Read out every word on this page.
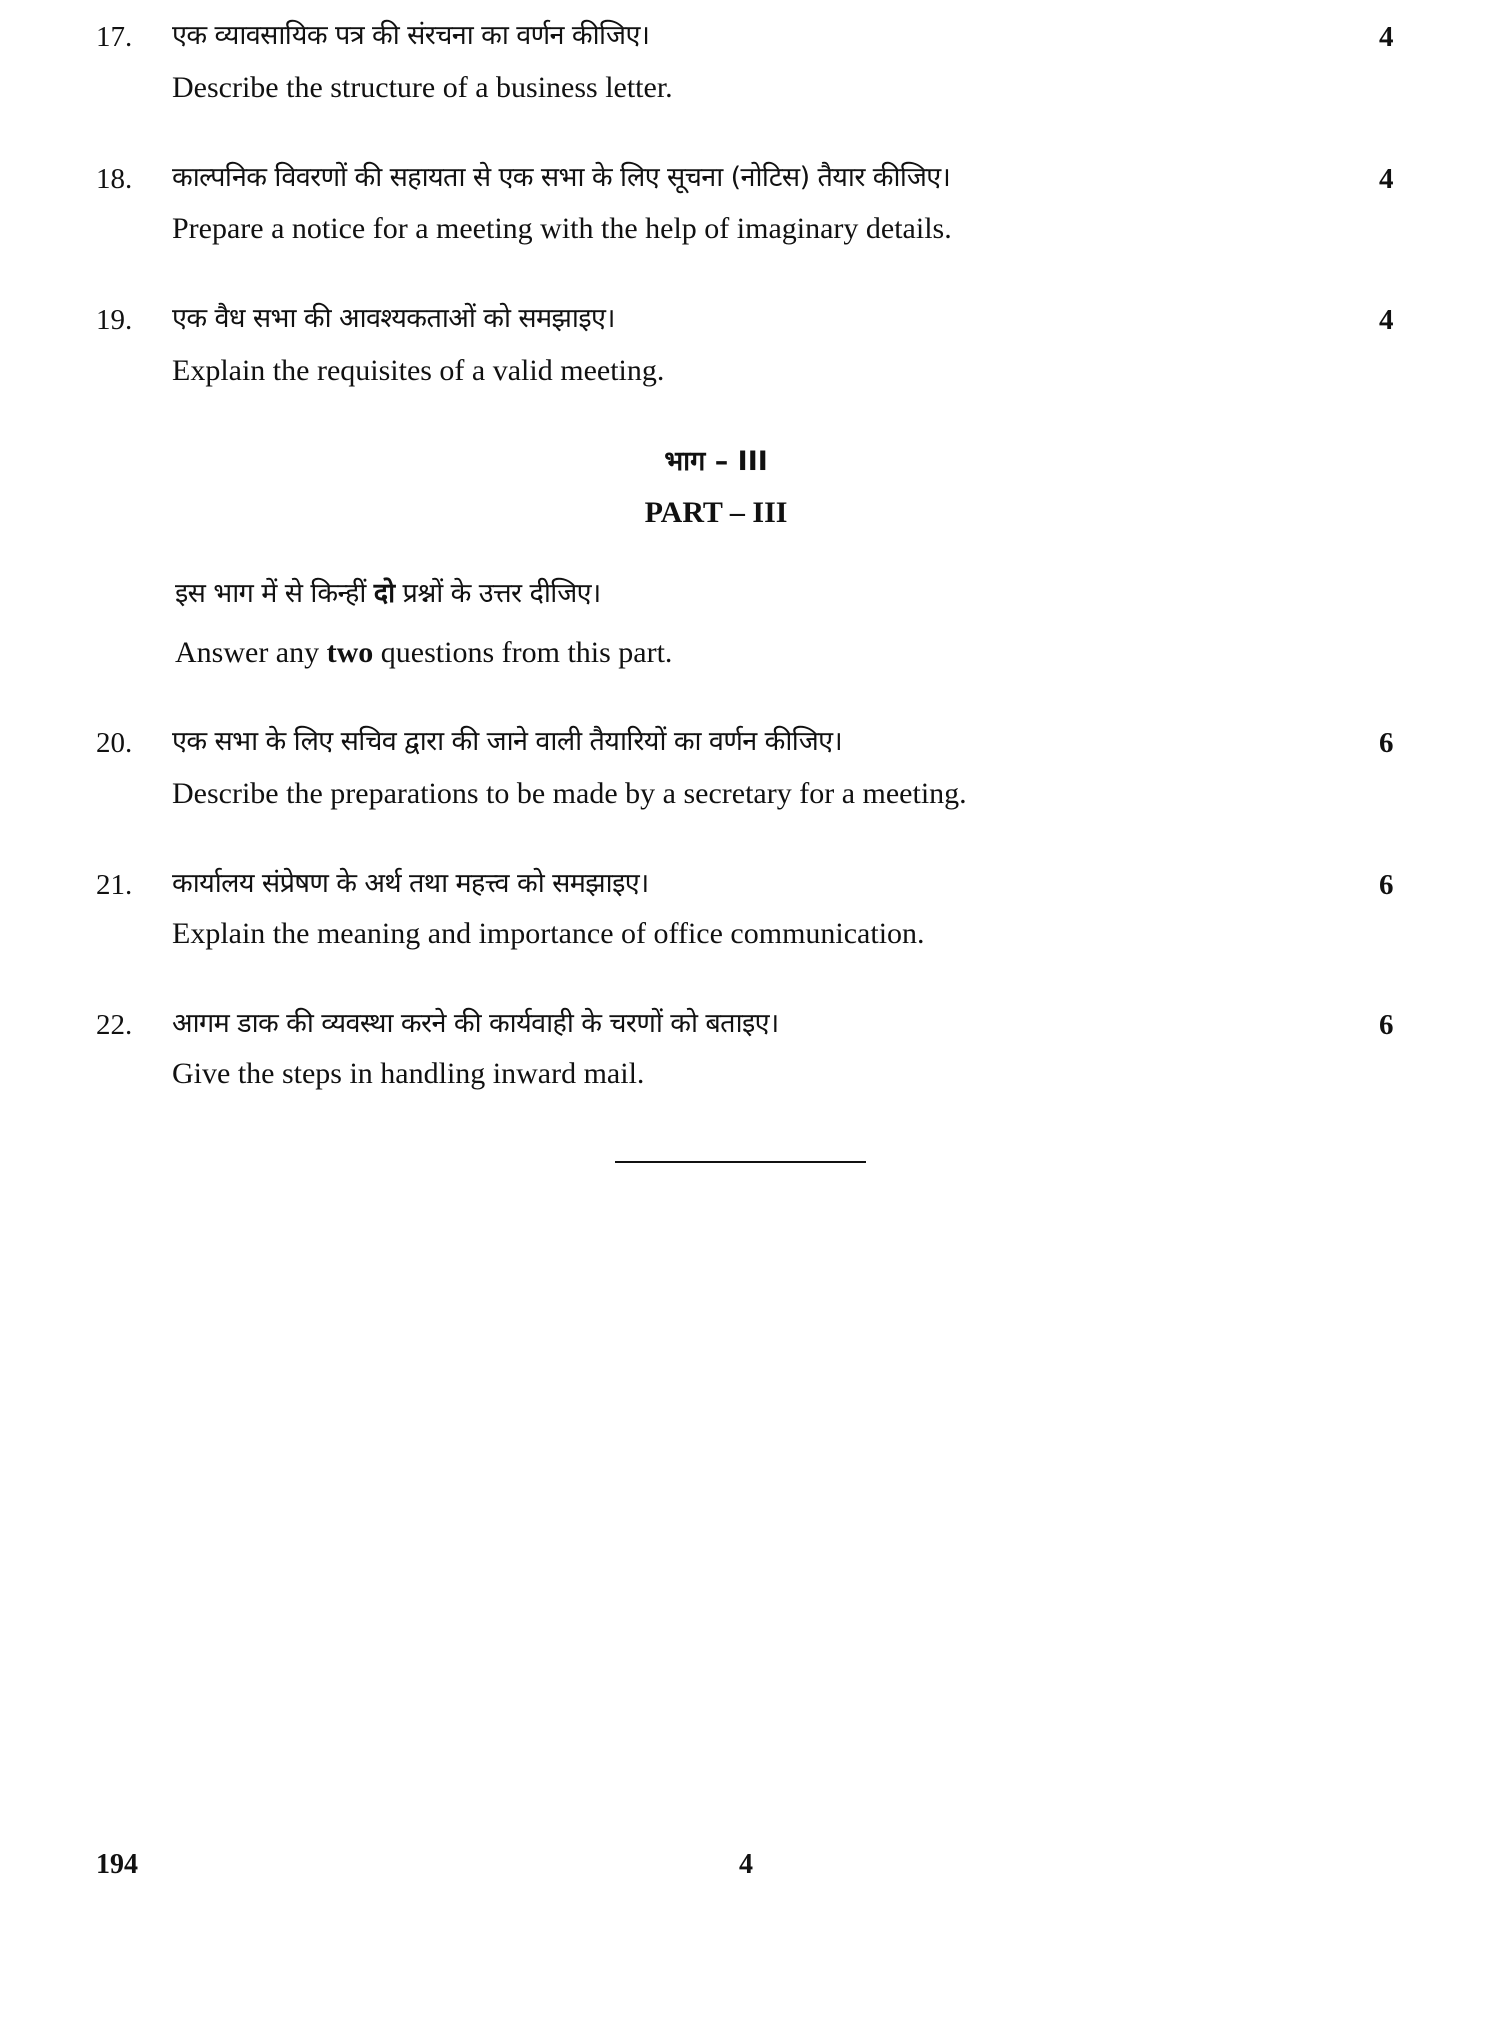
17. एक व्यावसायिक पत्र की संरचना का वर्णन कीजिए।	4
Describe the structure of a business letter.
18. काल्पनिक विवरणों की सहायता से एक सभा के लिए सूचना (नोटिस) तैयार कीजिए।	4
Prepare a notice for a meeting with the help of imaginary details.
19. एक वैध सभा की आवश्यकताओं को समझाइए।	4
Explain the requisites of a valid meeting.
भाग – III
PART – III
इस भाग में से किन्हीं दो प्रश्नों के उत्तर दीजिए।
Answer any two questions from this part.
20. एक सभा के लिए सचिव द्वारा की जाने वाली तैयारियों का वर्णन कीजिए।	6
Describe the preparations to be made by a secretary for a meeting.
21. कार्यालय संप्रेषण के अर्थ तथा महत्त्व को समझाइए।	6
Explain the meaning and importance of office communication.
22. आगम डाक की व्यवस्था करने की कार्यवाही के चरणों को बताइए।	6
Give the steps in handling inward mail.
194	4
